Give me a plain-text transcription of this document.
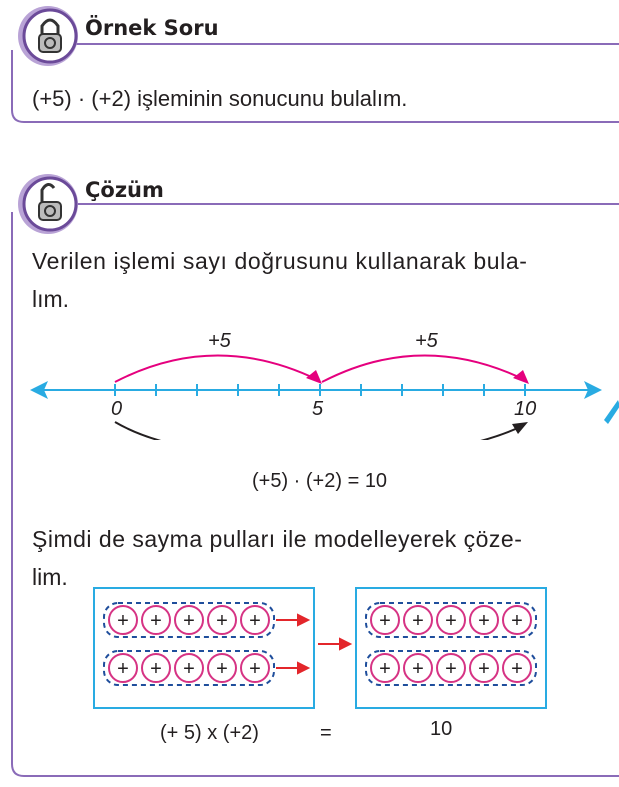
Örnek Soru
(+5) · (+2) işleminin sonucunu bulalım.
Çözüm
Verilen işlemi sayı doğrusunu kullanarak bula-
lım.
+5	+5
0	5	10
(+5) · (+2) = 10
Şimdi de sayma pulları ile modelleyerek çöze-
lim.
+ + + + +
+ + + + +
+ + + + +
+ + + + +
(+ 5) x (+2)	=	10
